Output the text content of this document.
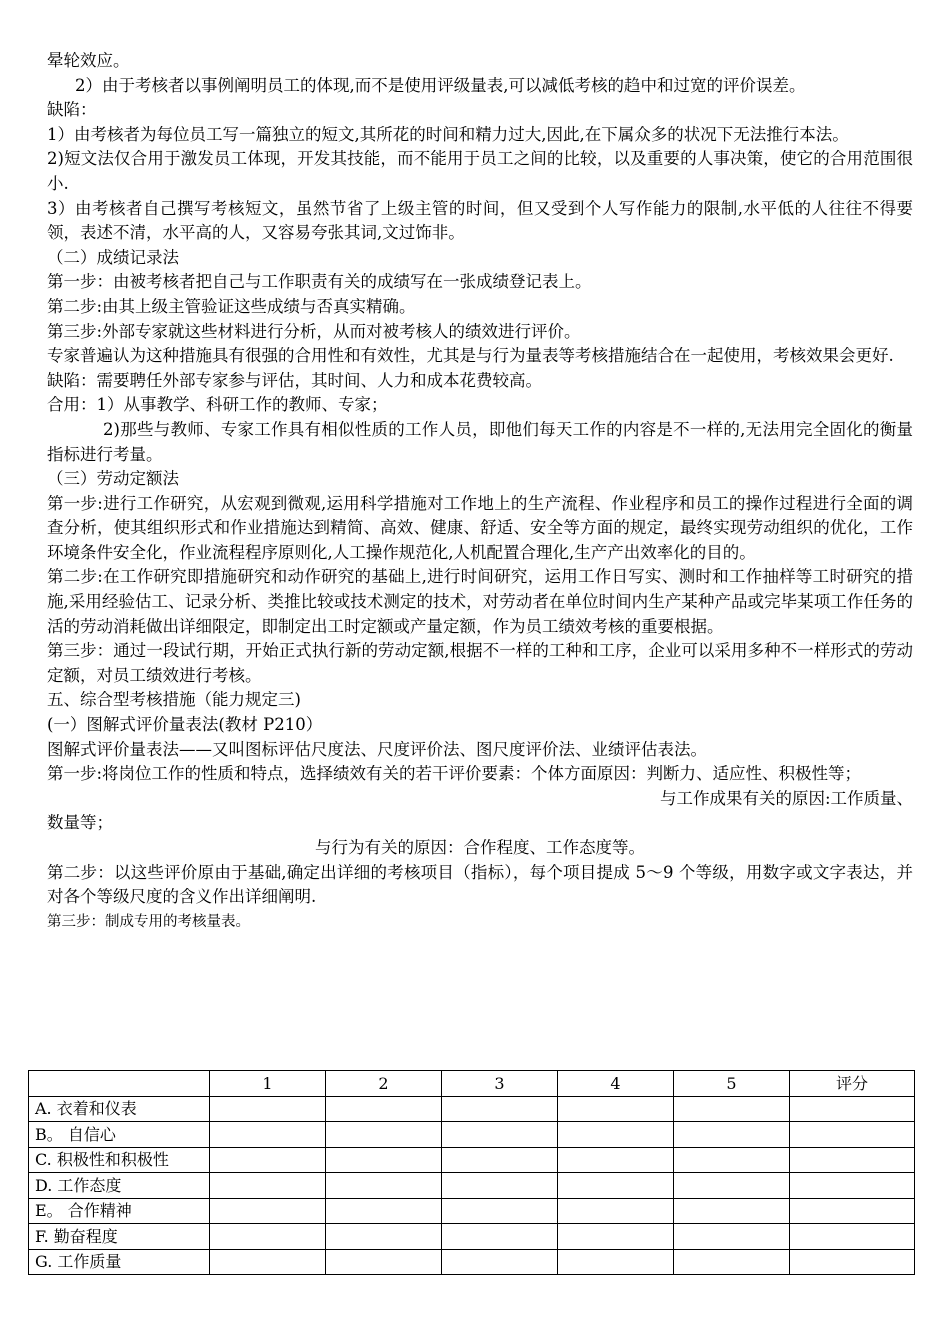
晕轮效应。

2）由于考核者以事例阐明员工的体现,而不是使用评级量表,可以减低考核的趋中和过宽的评价误差。

缺陷：

1）由考核者为每位员工写一篇独立的短文,其所花的时间和精力过大,因此,在下属众多的状况下无法推行本法。

2)短文法仅合用于激发员工体现，开发其技能，而不能用于员工之间的比较，以及重要的人事决策，使它的合用范围很小.

3）由考核者自己撰写考核短文，虽然节省了上级主管的时间，但又受到个人写作能力的限制,水平低的人往往不得要领，表述不清，水平高的人，又容易夸张其词,文过饰非。

（二）成绩记录法

第一步：由被考核者把自己与工作职责有关的成绩写在一张成绩登记表上。

第二步:由其上级主管验证这些成绩与否真实精确。

第三步:外部专家就这些材料进行分析，从而对被考核人的绩效进行评价。

专家普遍认为这种措施具有很强的合用性和有效性，尤其是与行为量表等考核措施结合在一起使用，考核效果会更好.

缺陷：需要聘任外部专家参与评估，其时间、人力和成本花费较高。

合用：1）从事教学、科研工作的教师、专家；

2)那些与教师、专家工作具有相似性质的工作人员，即他们每天工作的内容是不一样的,无法用完全固化的衡量指标进行考量。

（三）劳动定额法

第一步:进行工作研究，从宏观到微观,运用科学措施对工作地上的生产流程、作业程序和员工的操作过程进行全面的调查分析，使其组织形式和作业措施达到精简、高效、健康、舒适、安全等方面的规定，最终实现劳动组织的优化，工作环境条件安全化，作业流程程序原则化,人工操作规范化,人机配置合理化,生产产出效率化的目的。

第二步:在工作研究即措施研究和动作研究的基础上,进行时间研究，运用工作日写实、测时和工作抽样等工时研究的措施,采用经验估工、记录分析、类推比较或技术测定的技术，对劳动者在单位时间内生产某种产品或完毕某项工作任务的活的劳动消耗做出详细限定，即制定出工时定额或产量定额，作为员工绩效考核的重要根据。

第三步：通过一段试行期，开始正式执行新的劳动定额,根据不一样的工种和工序，企业可以采用多种不一样形式的劳动定额，对员工绩效进行考核。

五、综合型考核措施（能力规定三)

(一）图解式评价量表法(教材 P210）

图解式评价量表法——又叫图标评估尺度法、尺度评价法、图尺度评价法、业绩评估表法。

第一步:将岗位工作的性质和特点，选择绩效有关的若干评价要素：个体方面原因：判断力、适应性、积极性等；

与工作成果有关的原因:工作质量、

数量等；

与行为有关的原因：合作程度、工作态度等。

第二步：以这些评价原由于基础,确定出详细的考核项目（指标），每个项目提成 5～9 个等级，用数字或文字表达，并对各个等级尺度的含义作出详细阐明.

第三步：制成专用的考核量表。

	1	2	3	4	5	评分
A. 衣着和仪表						
B。 自信心						
C. 积极性和积极性						
D. 工作态度						
E。 合作精神						
F. 勤奋程度						
G. 工作质量						
